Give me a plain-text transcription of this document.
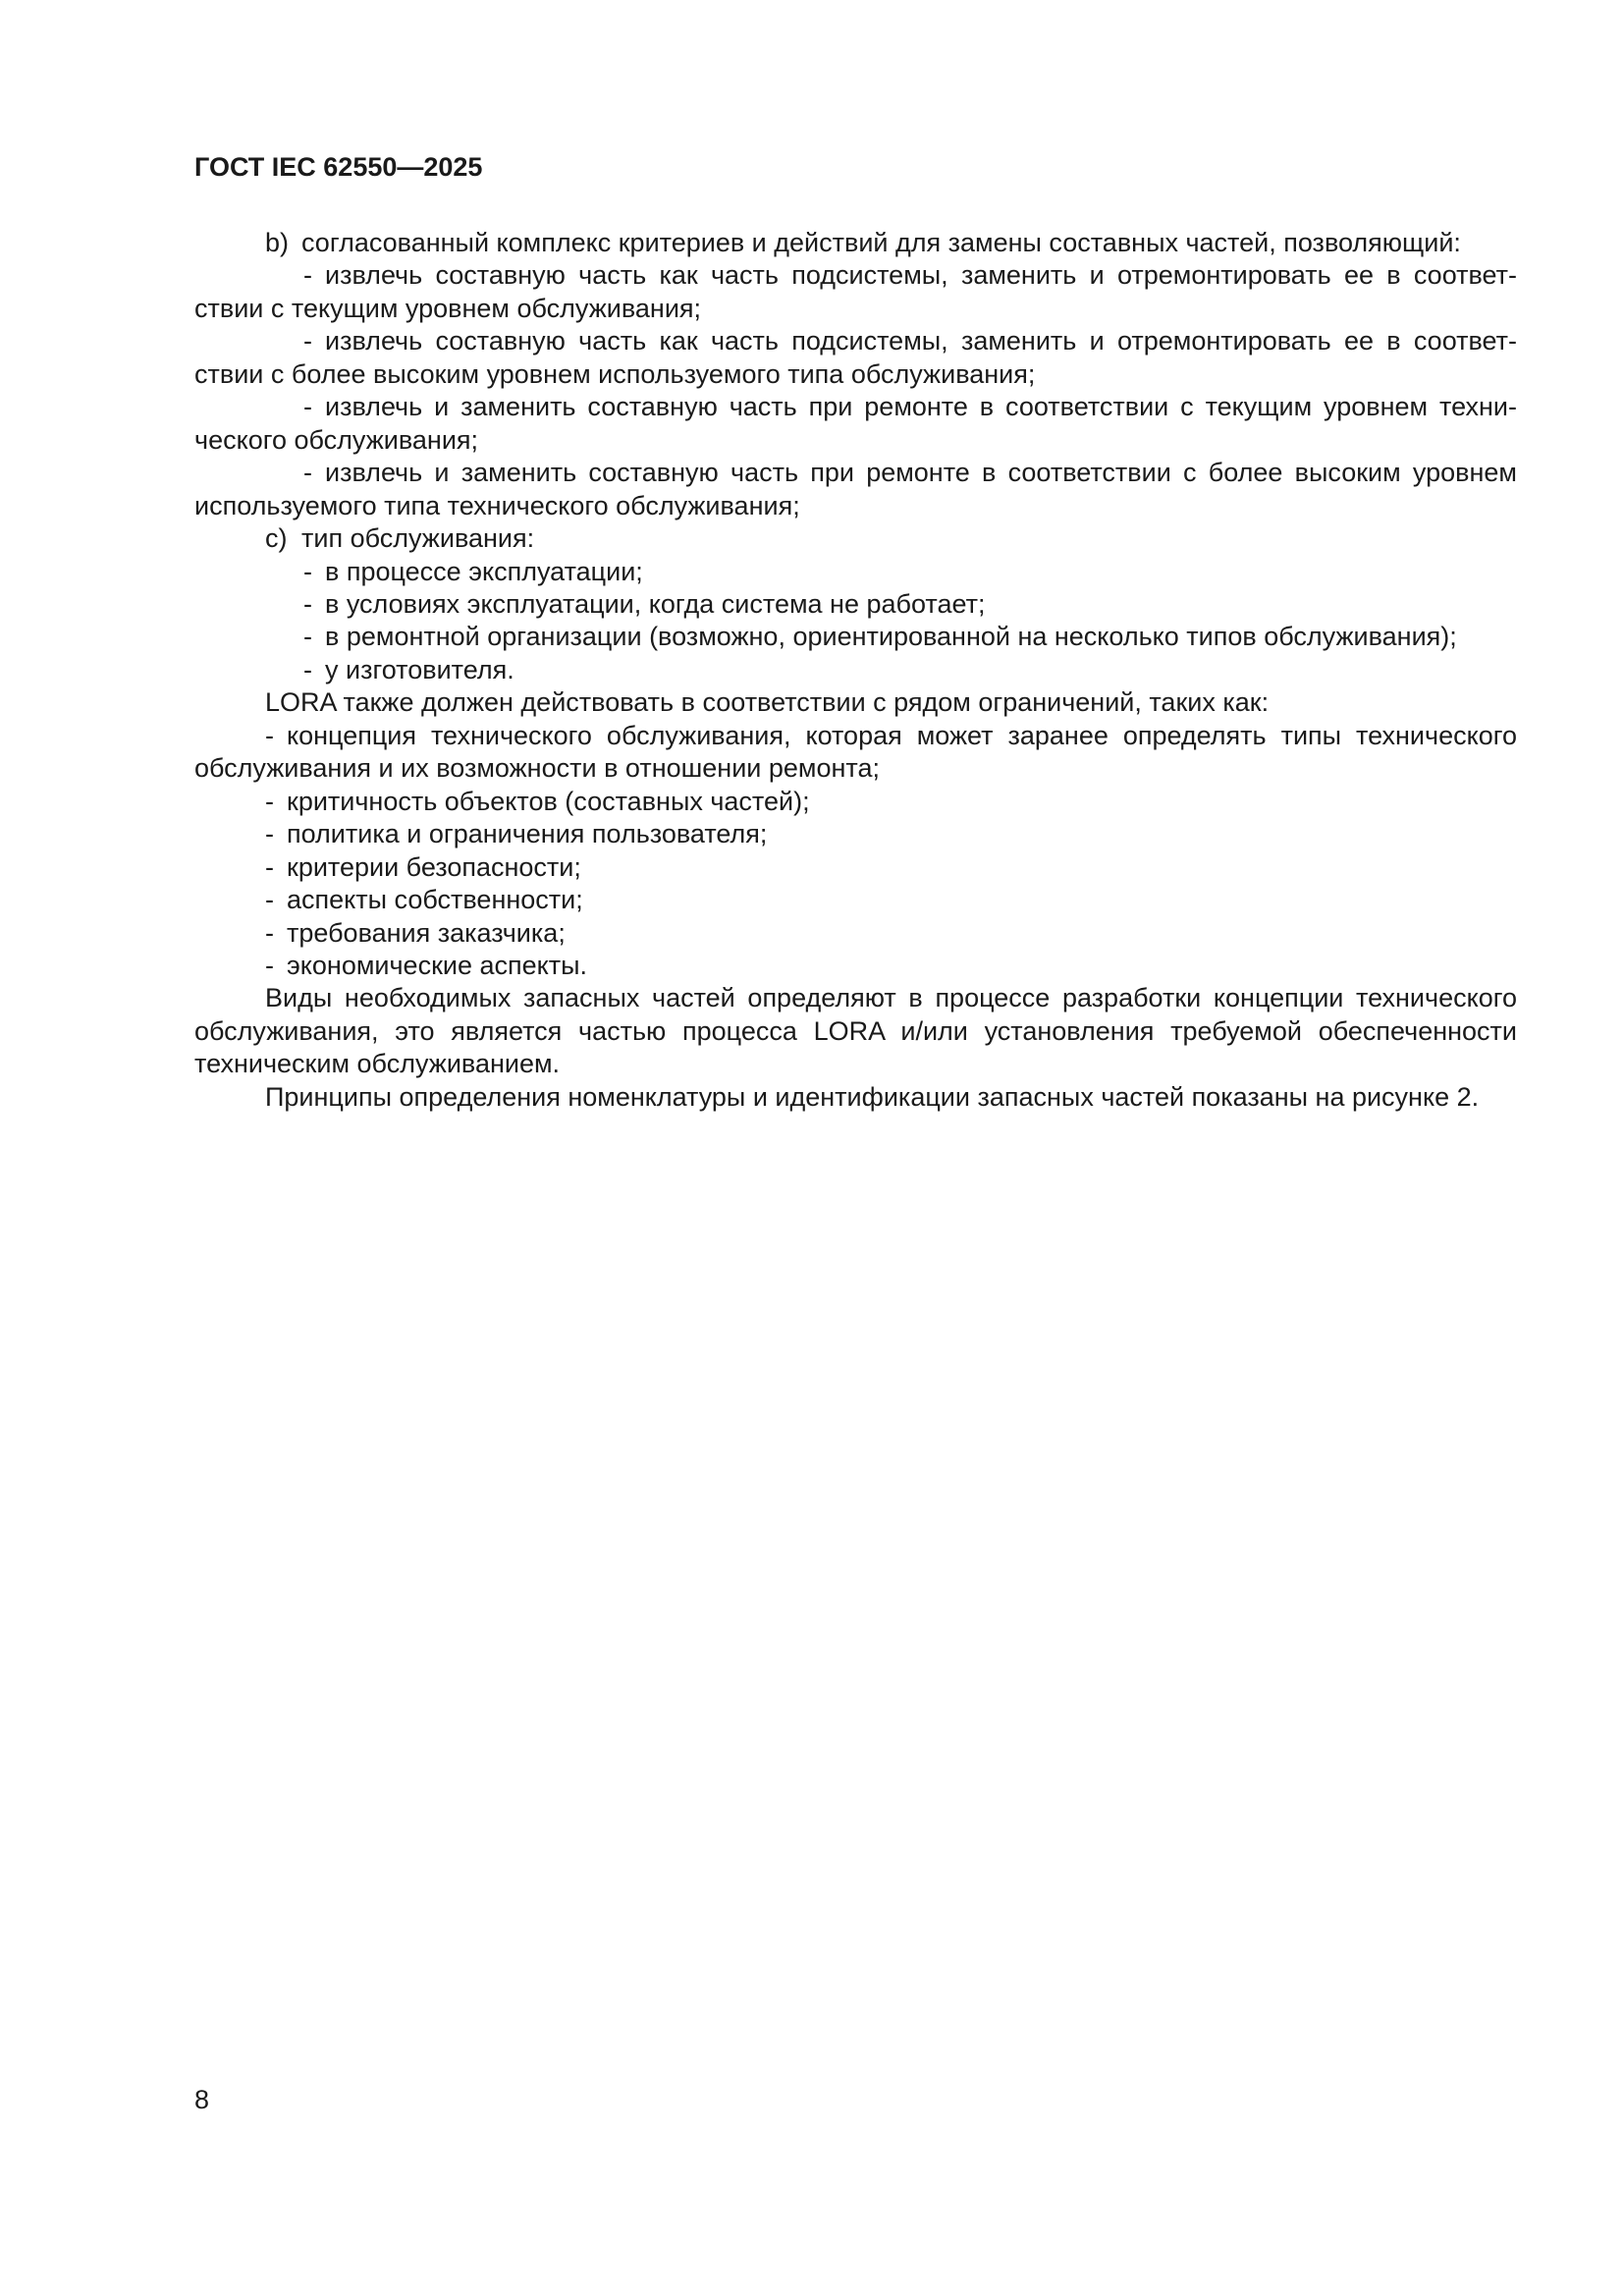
ГОСТ IEC 62550—2025
b) согласованный комплекс критериев и действий для замены составных частей, позволяющий:
- извлечь составную часть как часть подсистемы, заменить и отремонтировать ее в соответ-
ствии с текущим уровнем обслуживания;
- извлечь составную часть как часть подсистемы, заменить и отремонтировать ее в соответ-
ствии с более высоким уровнем используемого типа обслуживания;
- извлечь и заменить составную часть при ремонте в соответствии с текущим уровнем техни-
ческого обслуживания;
- извлечь и заменить составную часть при ремонте в соответствии с более высоким уровнем
используемого типа технического обслуживания;
c) тип обслуживания:
- в процессе эксплуатации;
- в условиях эксплуатации, когда система не работает;
- в ремонтной организации (возможно, ориентированной на несколько типов обслуживания);
- у изготовителя.
LORA также должен действовать в соответствии с рядом ограничений, таких как:
- концепция технического обслуживания, которая может заранее определять типы технического
обслуживания и их возможности в отношении ремонта;
- критичность объектов (составных частей);
- политика и ограничения пользователя;
- критерии безопасности;
- аспекты собственности;
- требования заказчика;
- экономические аспекты.
Виды необходимых запасных частей определяют в процессе разработки концепции технического
обслуживания, это является частью процесса LORA и/или установления требуемой обеспеченности
техническим обслуживанием.
Принципы определения номенклатуры и идентификации запасных частей показаны на рисунке 2.
8
